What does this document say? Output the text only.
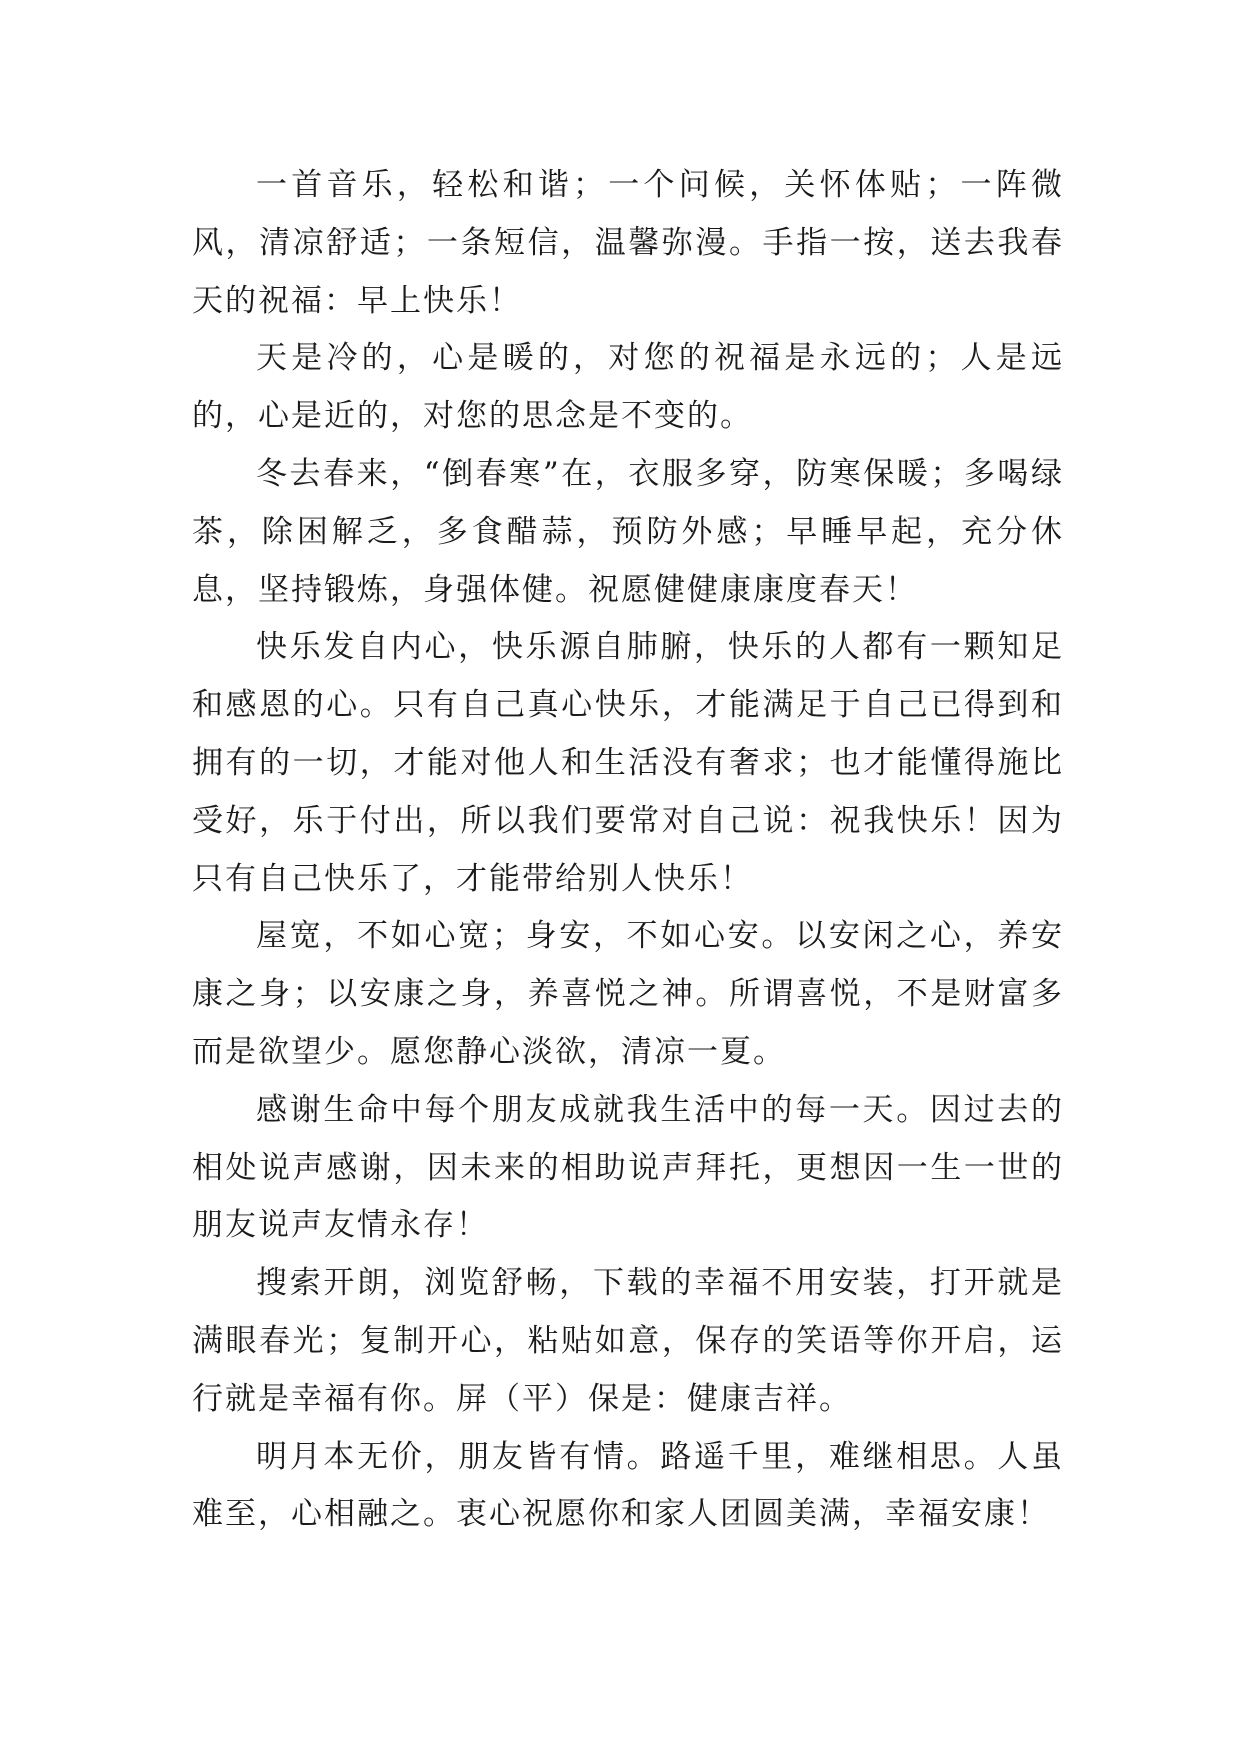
一首音乐，轻松和谐；一个问候，关怀体贴；一阵微风，清凉舒适；一条短信，温馨弥漫。手指一按，送去我春天的祝福：早上快乐！

天是冷的，心是暖的，对您的祝福是永远的；人是远的，心是近的，对您的思念是不变的。

冬去春来，“倒春寒”在，衣服多穿，防寒保暖；多喝绿茶，除困解乏，多食醋蒜，预防外感；早睡早起，充分休息，坚持锻炼，身强体健。祝愿健健康康度春天！

快乐发自内心，快乐源自肺腑，快乐的人都有一颗知足和感恩的心。只有自己真心快乐，才能满足于自己已得到和拥有的一切，才能对他人和生活没有奢求；也才能懂得施比受好，乐于付出，所以我们要常对自己说：祝我快乐！因为只有自己快乐了，才能带给别人快乐！

屋宽，不如心宽；身安，不如心安。以安闲之心，养安康之身；以安康之身，养喜悦之神。所谓喜悦，不是财富多而是欲望少。愿您静心淡欲，清凉一夏。

感谢生命中每个朋友成就我生活中的每一天。因过去的相处说声感谢，因未来的相助说声拜托，更想因一生一世的朋友说声友情永存！

搜索开朗，浏览舒畅，下载的幸福不用安装，打开就是满眼春光；复制开心，粘贴如意，保存的笑语等你开启，运行就是幸福有你。屏（平）保是：健康吉祥。

明月本无价，朋友皆有情。路遥千里，难继相思。人虽难至，心相融之。衷心祝愿你和家人团圆美满，幸福安康！
